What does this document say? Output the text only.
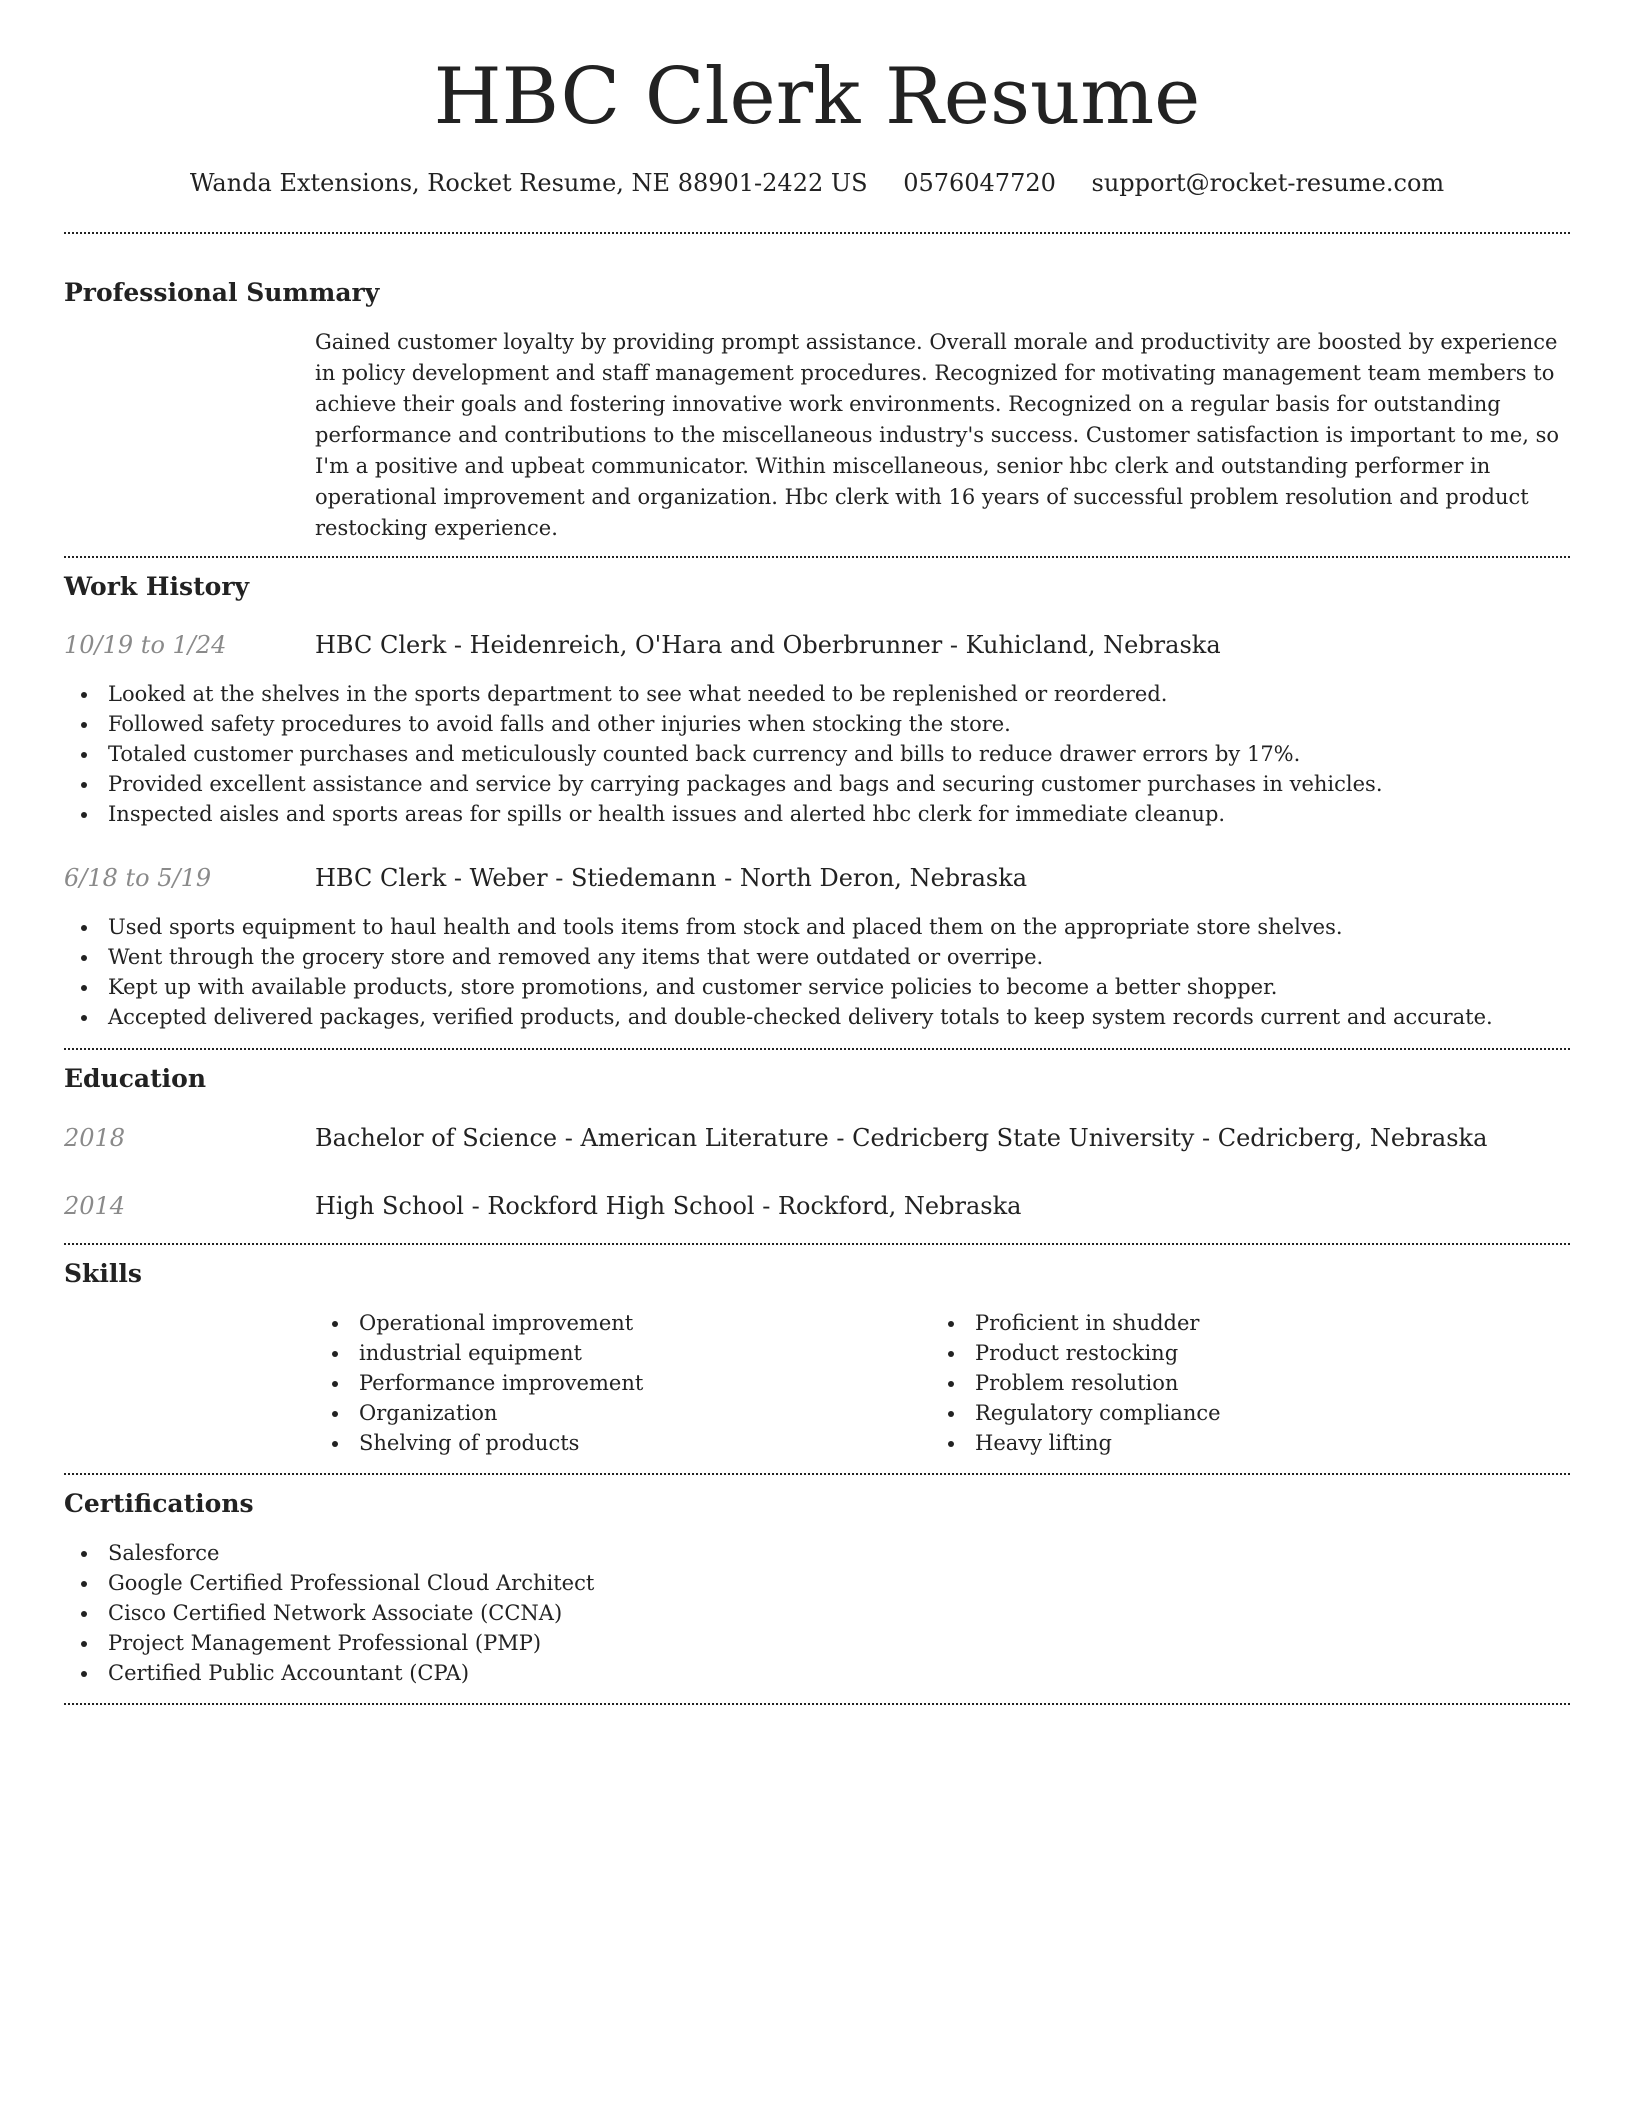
HBC Clerk Resume
Wanda Extensions, Rocket Resume, NE 88901-2422 US 0576047720 support@rocket-resume.com
Professional Summary

Gained customer loyalty by providing prompt assistance. Overall morale and productivity are boosted by experience in policy development and staff management procedures. Recognized for motivating management team members to achieve their goals and fostering innovative work environments. Recognized on a regular basis for outstanding performance and contributions to the miscellaneous industry's success. Customer satisfaction is important to me, so I'm a positive and upbeat communicator. Within miscellaneous, senior hbc clerk and outstanding performer in operational improvement and organization. Hbc clerk with 16 years of successful problem resolution and product restocking experience.

Work History
10/19 to 1/24	HBC Clerk - Heidenreich, O'Hara and Oberbrunner - Kuhicland, Nebraska
Looked at the shelves in the sports department to see what needed to be replenished or reordered.
Followed safety procedures to avoid falls and other injuries when stocking the store.
Totaled customer purchases and meticulously counted back currency and bills to reduce drawer errors by 17%.
Provided excellent assistance and service by carrying packages and bags and securing customer purchases in vehicles.
Inspected aisles and sports areas for spills or health issues and alerted hbc clerk for immediate cleanup.
6/18 to 5/19	HBC Clerk - Weber - Stiedemann - North Deron, Nebraska
Used sports equipment to haul health and tools items from stock and placed them on the appropriate store shelves.
Went through the grocery store and removed any items that were outdated or overripe.
Kept up with available products, store promotions, and customer service policies to become a better shopper.
Accepted delivered packages, verified products, and double-checked delivery totals to keep system records current and accurate.
Education
2018	Bachelor of Science - American Literature - Cedricberg State University - Cedricberg, Nebraska
2014	High School - Rockford High School - Rockford, Nebraska
Skills
Operational improvement
industrial equipment
Performance improvement
Organization
Shelving of products
Proficient in shudder
Product restocking
Problem resolution
Regulatory compliance
Heavy lifting
Certifications
Salesforce
Google Certified Professional Cloud Architect
Cisco Certified Network Associate (CCNA)
Project Management Professional (PMP)
Certified Public Accountant (CPA)
